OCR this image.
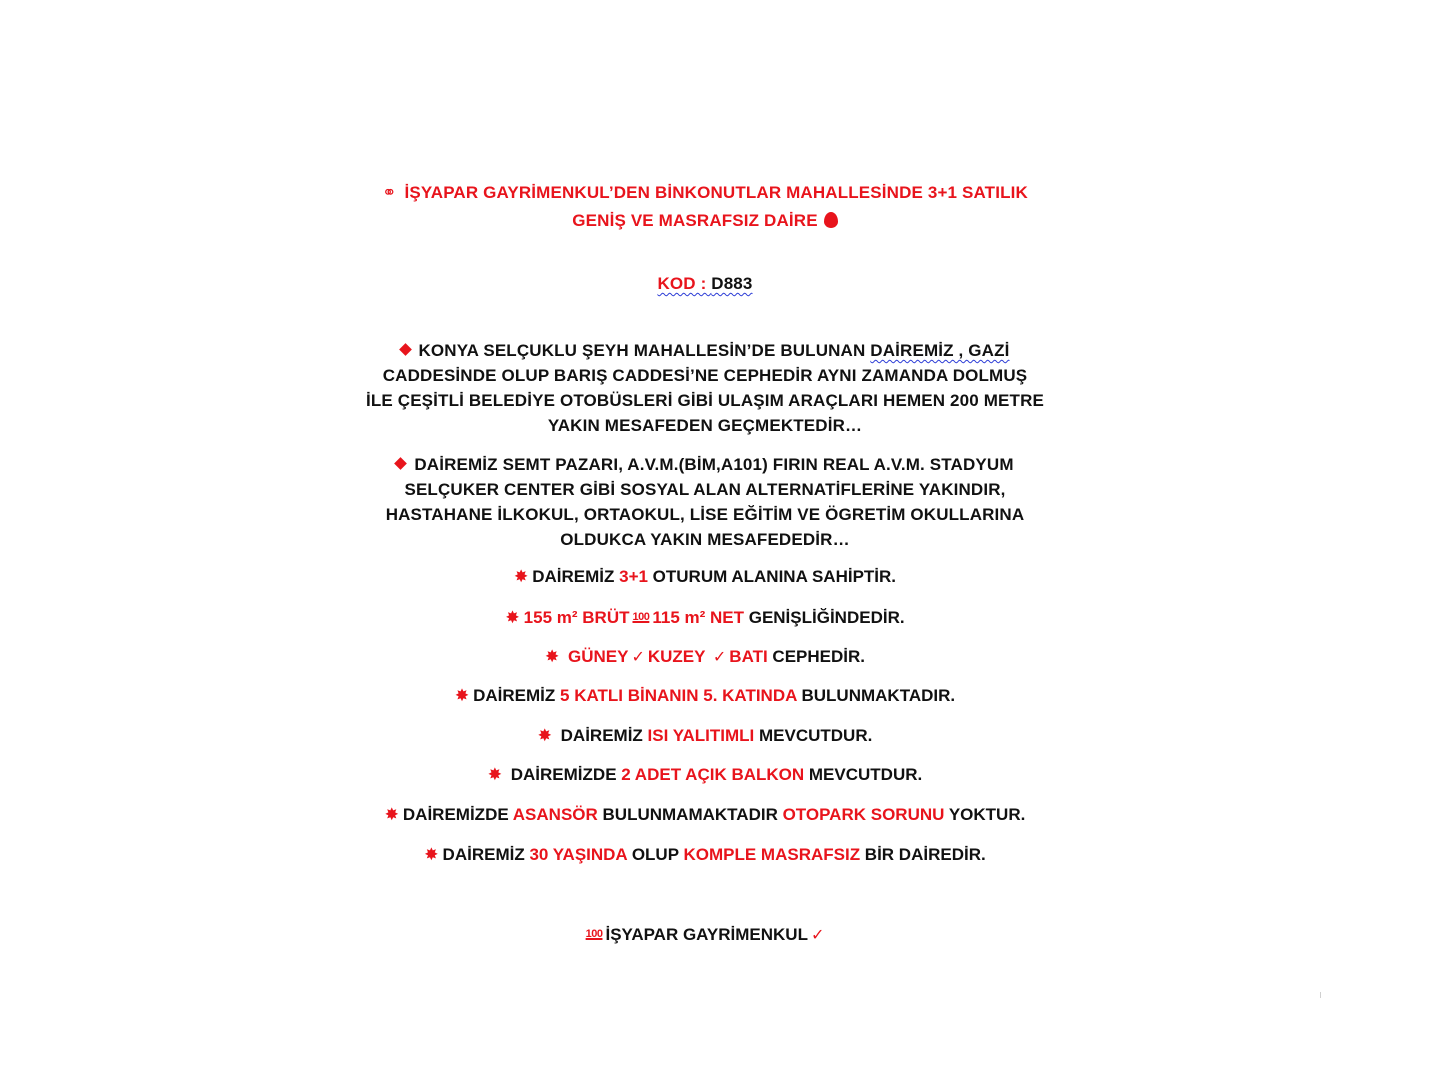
⚭ İŞYAPAR GAYRİMENKUL’DEN BİNKONUTLAR MAHALLESİNDE 3+1 SATILIK
GENİŞ VE MASRAFSIZ DAİRE
KOD : D883
KONYA SELÇUKLU ŞEYH MAHALLESİN’DE BULUNAN DAİREMİZ , GAZİ
CADDESİNDE OLUP BARIŞ CADDESİ’NE CEPHEDİR AYNI ZAMANDA DOLMUŞ
İLE ÇEŞİTLİ BELEDİYE OTOBÜSLERİ GİBİ ULAŞIM ARAÇLARI HEMEN 200 METRE
YAKIN MESAFEDEN GEÇMEKTEDİR…
DAİREMİZ SEMT PAZARI, A.V.M.(BİM,A101) FIRIN REAL A.V.M. STADYUM
SELÇUKER CENTER GİBİ SOSYAL ALAN ALTERNATİFLERİNE YAKINDIR,
HASTAHANE İLKOKUL, ORTAOKUL, LİSE EĞİTİM VE ÖGRETİM OKULLARINA
OLDUKCA YAKIN MESAFEDEDİR…
✸ DAİREMİZ 3+1 OTURUM ALANINA SAHİPTİR.
✸ 155 m² BRÜT 100 115 m² NET GENİŞLİĞİNDEDİR.
✸ GÜNEY ✓ KUZEY ✓ BATI CEPHEDİR.
✸ DAİREMİZ 5 KATLI BİNANIN 5. KATINDA BULUNMAKTADIR.
✸ DAİREMİZ ISI YALITIMLI MEVCUTDUR.
✸ DAİREMİZDE 2 ADET AÇIK BALKON MEVCUTDUR.
✸ DAİREMİZDE ASANSÖR BULUNMAMAKTADIR OTOPARK SORUNU YOKTUR.
✸ DAİREMİZ 30 YAŞINDA OLUP KOMPLE MASRAFSIZ BİR DAİREDİR.
100 İŞYAPAR GAYRİMENKUL ✓
